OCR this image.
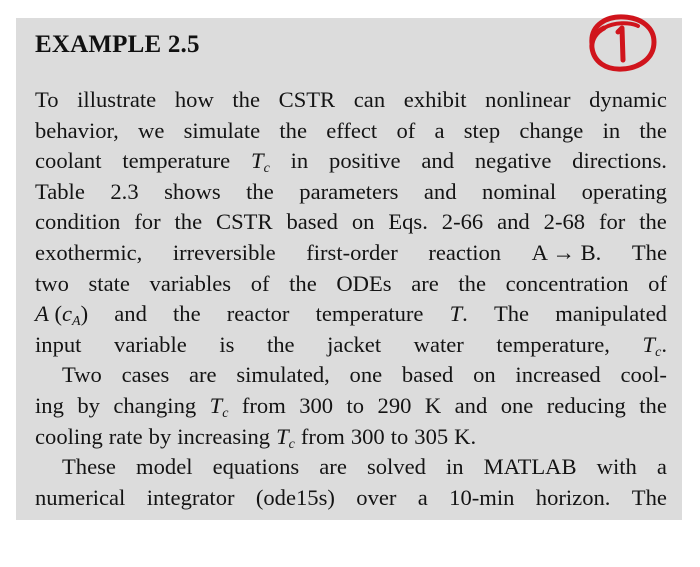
EXAMPLE 2.5
1
To illustrate how the CSTR can exhibit nonlinear dynamic
behavior, we simulate the effect of a step change in the
coolant temperature $T_c$ in positive and negative directions.
Table 2.3 shows the parameters and nominal operating
condition for the CSTR based on Eqs. 2-66 and 2-68 for the
exothermic, irreversible first-order reaction A → B. The
two state variables of the ODEs are the concentration of
A $(c_A)$ and the reactor temperature T. The manipulated
input variable is the jacket water temperature, $T_c$.
Two cases are simulated, one based on increased cool-
ing by changing $T_c$ from 300 to 290 K and one reducing the
cooling rate by increasing $T_c$ from 300 to 305 K.
These model equations are solved in MATLAB with a
numerical integrator (ode15s) over a 10-min horizon. The
